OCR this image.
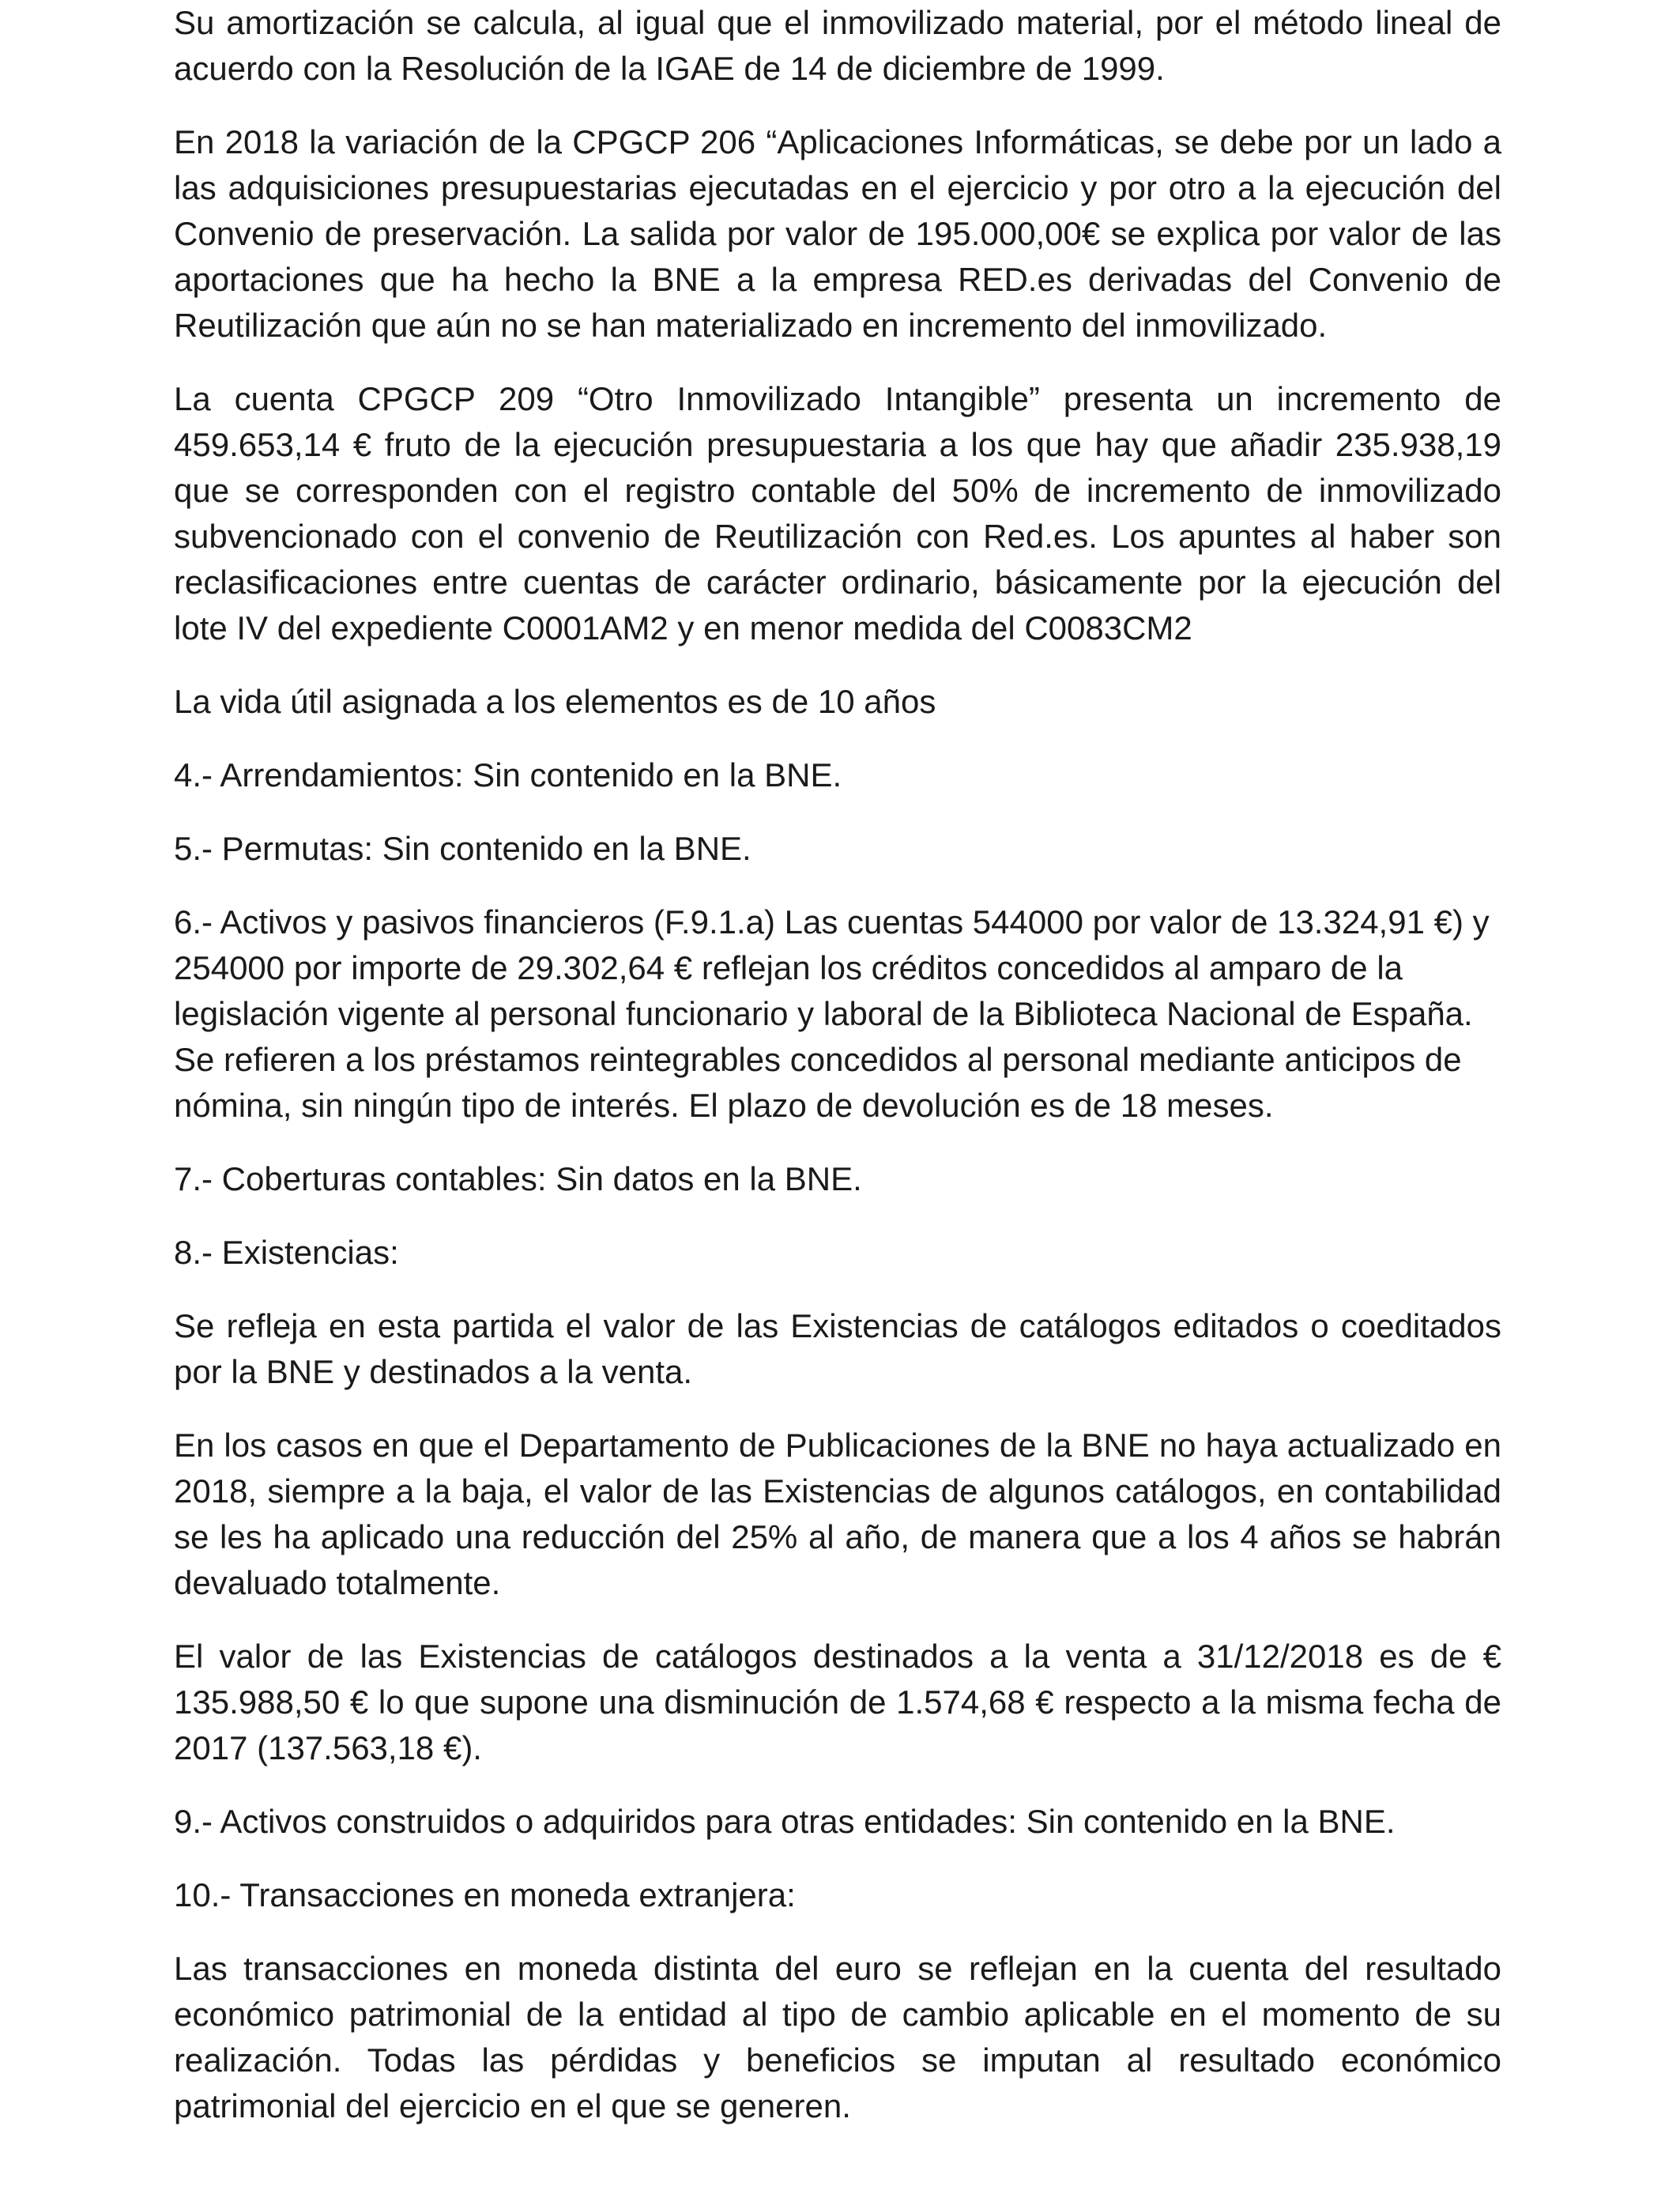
Su amortización se calcula, al igual que el inmovilizado material, por el método lineal de acuerdo con la Resolución de la IGAE de 14 de diciembre de 1999.

En 2018 la variación de la CPGCP 206 “Aplicaciones Informáticas, se debe por un lado a las adquisiciones presupuestarias ejecutadas en el ejercicio y por otro a la ejecución del Convenio de preservación. La salida por valor de 195.000,00€ se explica por valor de las aportaciones que ha hecho la BNE a la empresa RED.es derivadas del Convenio de Reutilización que aún no se han materializado en incremento del inmovilizado.

La cuenta CPGCP 209 “Otro Inmovilizado Intangible” presenta un incremento de 459.653,14 € fruto de la ejecución presupuestaria a los que hay que añadir 235.938,19 que se corresponden con el registro contable del 50% de incremento de inmovilizado subvencionado con el convenio de Reutilización con Red.es. Los apuntes al haber son reclasificaciones entre cuentas de carácter ordinario, básicamente por la ejecución del lote IV del expediente C0001AM2 y en menor medida del C0083CM2

La vida útil asignada a los elementos es de 10 años

4.- Arrendamientos: Sin contenido en la BNE.

5.- Permutas: Sin contenido en la BNE.

6.- Activos y pasivos financieros (F.9.1.a) Las cuentas 544000 por valor de 13.324,91 €) y 254000 por importe de 29.302,64 € reflejan los créditos concedidos al amparo de la legislación vigente al personal funcionario y laboral de la Biblioteca Nacional de España. Se refieren a los préstamos reintegrables concedidos al personal mediante anticipos de nómina, sin ningún tipo de interés. El plazo de devolución es de 18 meses.

7.- Coberturas contables: Sin datos en la BNE.

8.- Existencias:

Se refleja en esta partida el valor de las Existencias de catálogos editados o coeditados por la BNE y destinados a la venta.

En los casos en que el Departamento de Publicaciones de la BNE no haya actualizado en 2018, siempre a la baja, el valor de las Existencias de algunos catálogos, en contabilidad se les ha aplicado una reducción del 25% al año, de manera que a los 4 años se habrán devaluado totalmente.

El valor de las Existencias de catálogos destinados a la venta a 31/12/2018 es de € 135.988,50 € lo que supone una disminución de 1.574,68 € respecto a la misma fecha de 2017 (137.563,18 €).

9.- Activos construidos o adquiridos para otras entidades: Sin contenido en la BNE.

10.- Transacciones en moneda extranjera:

Las transacciones en moneda distinta del euro se reflejan en la cuenta del resultado económico patrimonial de la entidad al tipo de cambio aplicable en el momento de su realización. Todas las pérdidas y beneficios se imputan al resultado económico patrimonial del ejercicio en el que se generen.
